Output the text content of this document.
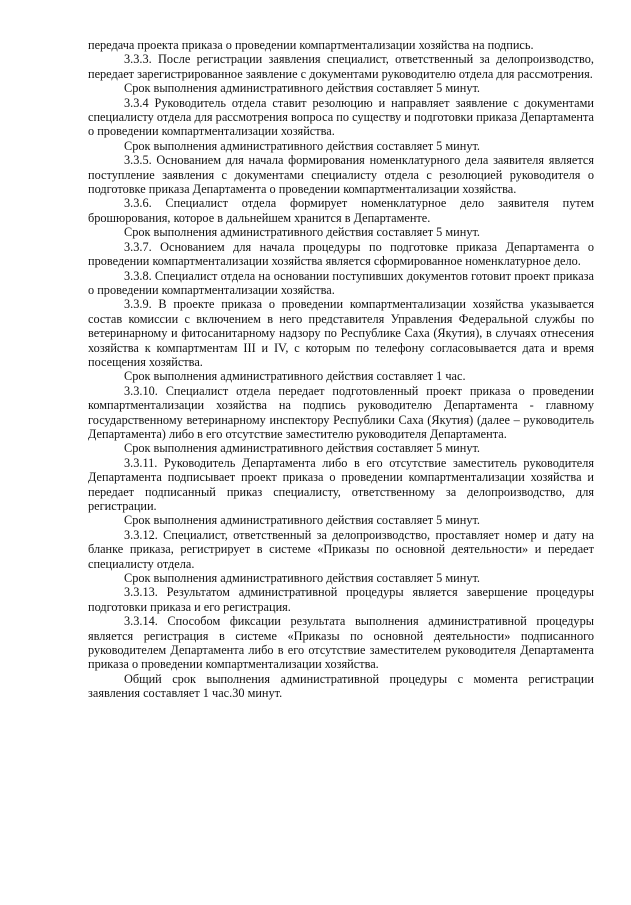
передача проекта приказа о проведении компартментализации хозяйства на подпись.

3.3.3. После регистрации заявления специалист, ответственный за делопроизводство, передает зарегистрированное заявление с документами руководителю отдела для рассмотрения.

Срок выполнения административного действия составляет 5 минут.

3.3.4 Руководитель отдела ставит резолюцию и направляет заявление с документами специалисту отдела для рассмотрения вопроса по существу и подготовки приказа Департамента о проведении компартментализации хозяйства.

Срок выполнения административного действия составляет 5 минут.

3.3.5. Основанием для начала формирования номенклатурного дела заявителя является поступление заявления с документами специалисту отдела с резолюцией руководителя о подготовке приказа Департамента о проведении компартментализации хозяйства.

3.3.6. Специалист отдела формирует номенклатурное дело заявителя путем брошюрования, которое в дальнейшем хранится в Департаменте.

Срок выполнения административного действия составляет 5 минут.

3.3.7. Основанием для начала процедуры по подготовке приказа Департамента о проведении компартментализации хозяйства является сформированное номенклатурное дело.

3.3.8. Специалист отдела на основании поступивших документов готовит проект приказа о проведении компартментализации хозяйства.

3.3.9. В проекте приказа о проведении компартментализации хозяйства указывается состав комиссии с включением в него представителя Управления Федеральной службы по ветеринарному и фитосанитарному надзору по Республике Саха (Якутия), в случаях отнесения хозяйства к компартментам III и IV, с которым по телефону согласовывается дата и время посещения хозяйства.

Срок выполнения административного действия составляет 1 час.

3.3.10. Специалист отдела передает подготовленный проект приказа о проведении компартментализации хозяйства на подпись руководителю Департамента - главному государственному ветеринарному инспектору Республики Саха (Якутия) (далее – руководитель Департамента) либо в его отсутствие заместителю руководителя Департамента.

Срок выполнения административного действия составляет 5 минут.

3.3.11. Руководитель Департамента либо в его отсутствие заместитель руководителя Департамента подписывает проект приказа о проведении компартментализации хозяйства и передает подписанный приказ специалисту, ответственному за делопроизводство, для регистрации.

Срок выполнения административного действия составляет 5 минут.

3.3.12. Специалист, ответственный за делопроизводство, проставляет номер и дату на бланке приказа, регистрирует в системе «Приказы по основной деятельности» и передает специалисту отдела.

Срок выполнения административного действия составляет 5 минут.

3.3.13. Результатом административной процедуры является завершение процедуры подготовки приказа и его регистрация.

3.3.14. Способом фиксации результата выполнения административной процедуры является регистрация в системе «Приказы по основной деятельности» подписанного руководителем Департамента либо в его отсутствие заместителем руководителя Департамента приказа о проведении компартментализации хозяйства.

Общий срок выполнения административной процедуры с момента регистрации заявления составляет 1 час.30 минут.
